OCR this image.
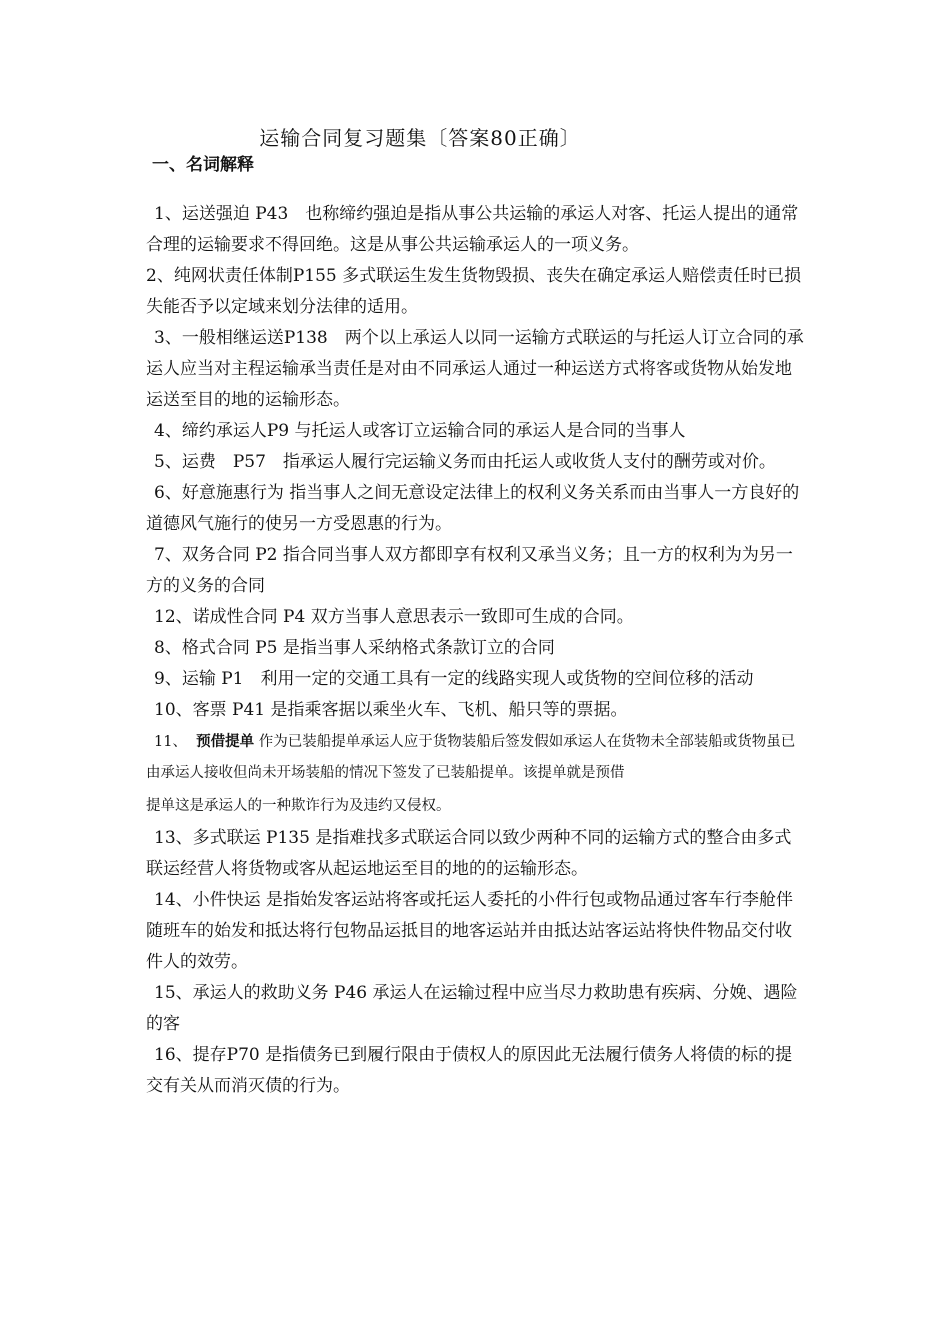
运输合同复习题集〔答案80正确〕
一、名词解释
1、运送强迫 P43　也称缔约强迫是指从事公共运输的承运人对客、托运人提出的通常合理的运输要求不得回绝。这是从事公共运输承运人的一项义务。
2、纯网状责任体制P155 多式联运生发生货物毁损、丧失在确定承运人赔偿责任时已损失能否予以定域来划分法律的适用。
3、一般相继运送P138　两个以上承运人以同一运输方式联运的与托运人订立合同的承运人应当对主程运输承当责任是对由不同承运人通过一种运送方式将客或货物从始发地运送至目的地的运输形态。
4、缔约承运人P9 与托运人或客订立运输合同的承运人是合同的当事人
5、运费　P57　指承运人履行完运输义务而由托运人或收货人支付的酬劳或对价。
6、好意施惠行为 指当事人之间无意设定法律上的权利义务关系而由当事人一方良好的道德风气施行的使另一方受恩惠的行为。
7、双务合同 P2 指合同当事人双方都即享有权利又承当义务；且一方的权利为为另一方的义务的合同
12、诺成性合同 P4 双方当事人意思表示一致即可生成的合同。
8、格式合同 P5 是指当事人采纳格式条款订立的合同
9、运输 P1　利用一定的交通工具有一定的线路实现人或货物的空间位移的活动
10、客票 P41 是指乘客据以乘坐火车、飞机、船只等的票据。
11、 预借提单 作为已装船提单承运人应于货物装船后签发假如承运人在货物未全部装船或货物虽已由承运人接收但尚未开场装船的情况下签发了已装船提单。该提单就是预借
提单这是承运人的一种欺诈行为及违约又侵权。
13、多式联运 P135 是指难找多式联运合同以致少两种不同的运输方式的整合由多式联运经营人将货物或客从起运地运至目的地的的运输形态。
14、小件快运 是指始发客运站将客或托运人委托的小件行包或物品通过客车行李舱伴随班车的始发和抵达将行包物品运抵目的地客运站并由抵达站客运站将快件物品交付收件人的效劳。
15、承运人的救助义务 P46 承运人在运输过程中应当尽力救助患有疾病、分娩、遇险的客
16、提存P70 是指债务已到履行限由于债权人的原因此无法履行债务人将债的标的提交有关从而消灭债的行为。
